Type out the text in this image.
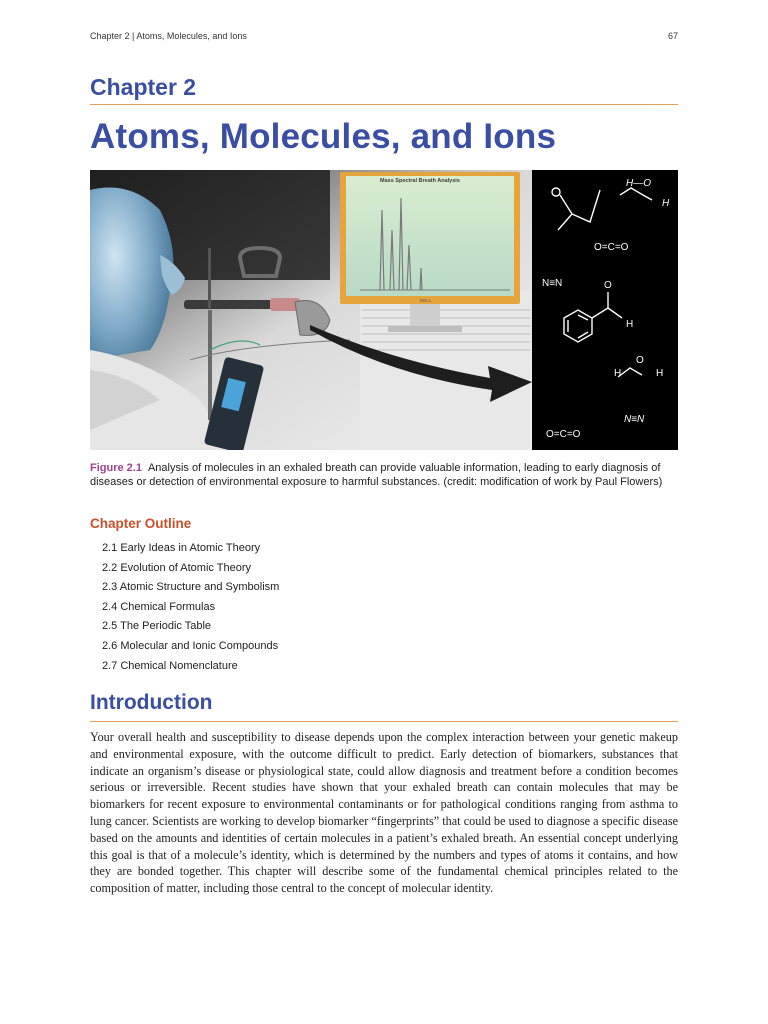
Chapter 2 | Atoms, Molecules, and Ions	67
Chapter 2
Atoms, Molecules, and Ions
Mass Spectral Breath Analysis
DELL
H—O
H
O=C=O
N≡N	O
H
H
O
H
N≡N
O=C=O
Figure 2.1 Analysis of molecules in an exhaled breath can provide valuable information, leading to early diagnosis of diseases or detection of environmental exposure to harmful substances. (credit: modification of work by Paul Flowers)
Chapter Outline
2.1 Early Ideas in Atomic Theory
2.2 Evolution of Atomic Theory
2.3 Atomic Structure and Symbolism
2.4 Chemical Formulas
2.5 The Periodic Table
2.6 Molecular and Ionic Compounds
2.7 Chemical Nomenclature
Introduction
Your overall health and susceptibility to disease depends upon the complex interaction between your genetic makeup and environmental exposure, with the outcome difficult to predict. Early detection of biomarkers, substances that indicate an organism’s disease or physiological state, could allow diagnosis and treatment before a condition becomes serious or irreversible. Recent studies have shown that your exhaled breath can contain molecules that may be biomarkers for recent exposure to environmental contaminants or for pathological conditions ranging from asthma to lung cancer. Scientists are working to develop biomarker “fingerprints” that could be used to diagnose a specific disease based on the amounts and identities of certain molecules in a patient’s exhaled breath. An essential concept underlying this goal is that of a molecule’s identity, which is determined by the numbers and types of atoms it contains, and how they are bonded together. This chapter will describe some of the fundamental chemical principles related to the composition of matter, including those central to the concept of molecular identity.
